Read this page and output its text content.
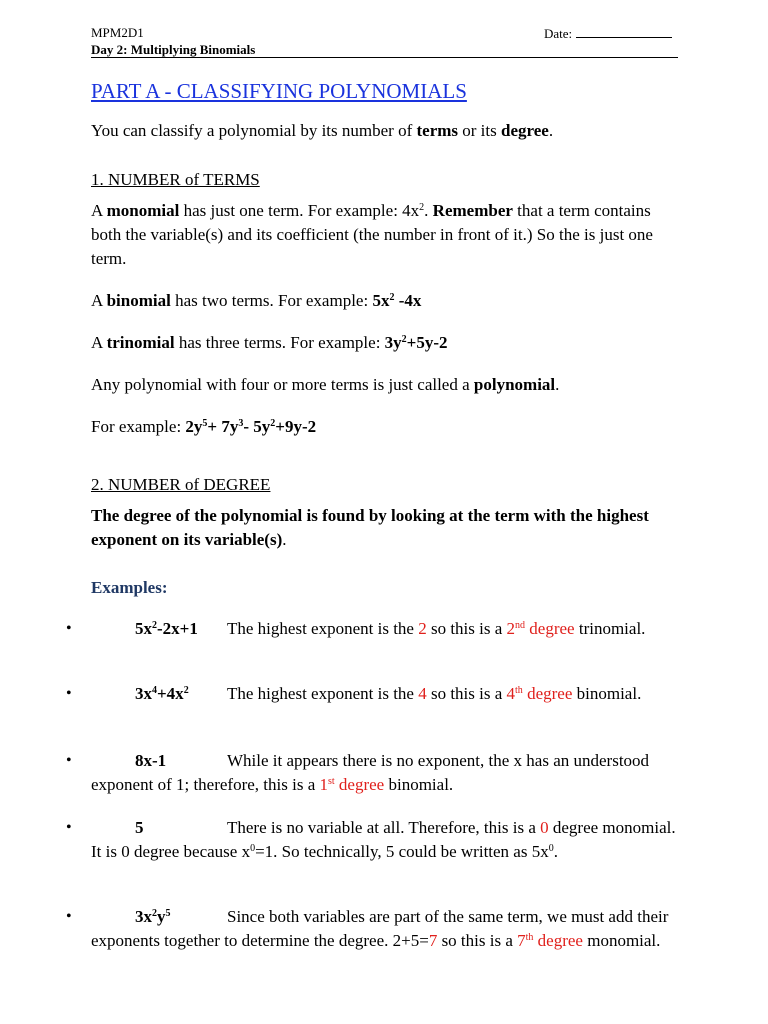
MPM2D1
Day 2: Multiplying Binomials
Date:
PART A - CLASSIFYING POLYNOMIALS
You can classify a polynomial by its number of terms or its degree.
1. NUMBER of TERMS
A monomial has just one term. For example: $4x^2$. Remember that a term contains both the variable(s) and its coefficient (the number in front of it.) So the is just one term.
A binomial has two terms. For example: $5x^2$ -4x
A trinomial has three terms. For example: $3y^2+5y-2$
Any polynomial with four or more terms is just called a polynomial.
For example: $2y^5+ 7y^3-$ $5y^2+9y-2$
2. NUMBER of DEGREE
The degree of the polynomial is found by looking at the term with the highest exponent on its variable(s).
Examples:
•	$5x^2-2x+1$	The highest exponent is the 2 so this is a 2nd degree trinomial.
•	$3x^4+4x^2$	The highest exponent is the 4 so this is a 4th degree binomial.
•	8x-1	While it appears there is no exponent, the x has an understood exponent of 1; therefore, this is a 1st degree binomial.
•	5	There is no variable at all. Therefore, this is a 0 degree monomial. It is 0 degree because $x^0=1$. So technically, 5 could be written as $5x^0$.
•	$3x^2y^5$	Since both variables are part of the same term, we must add their exponents together to determine the degree. 2+5=7 so this is a 7th degree monomial.
